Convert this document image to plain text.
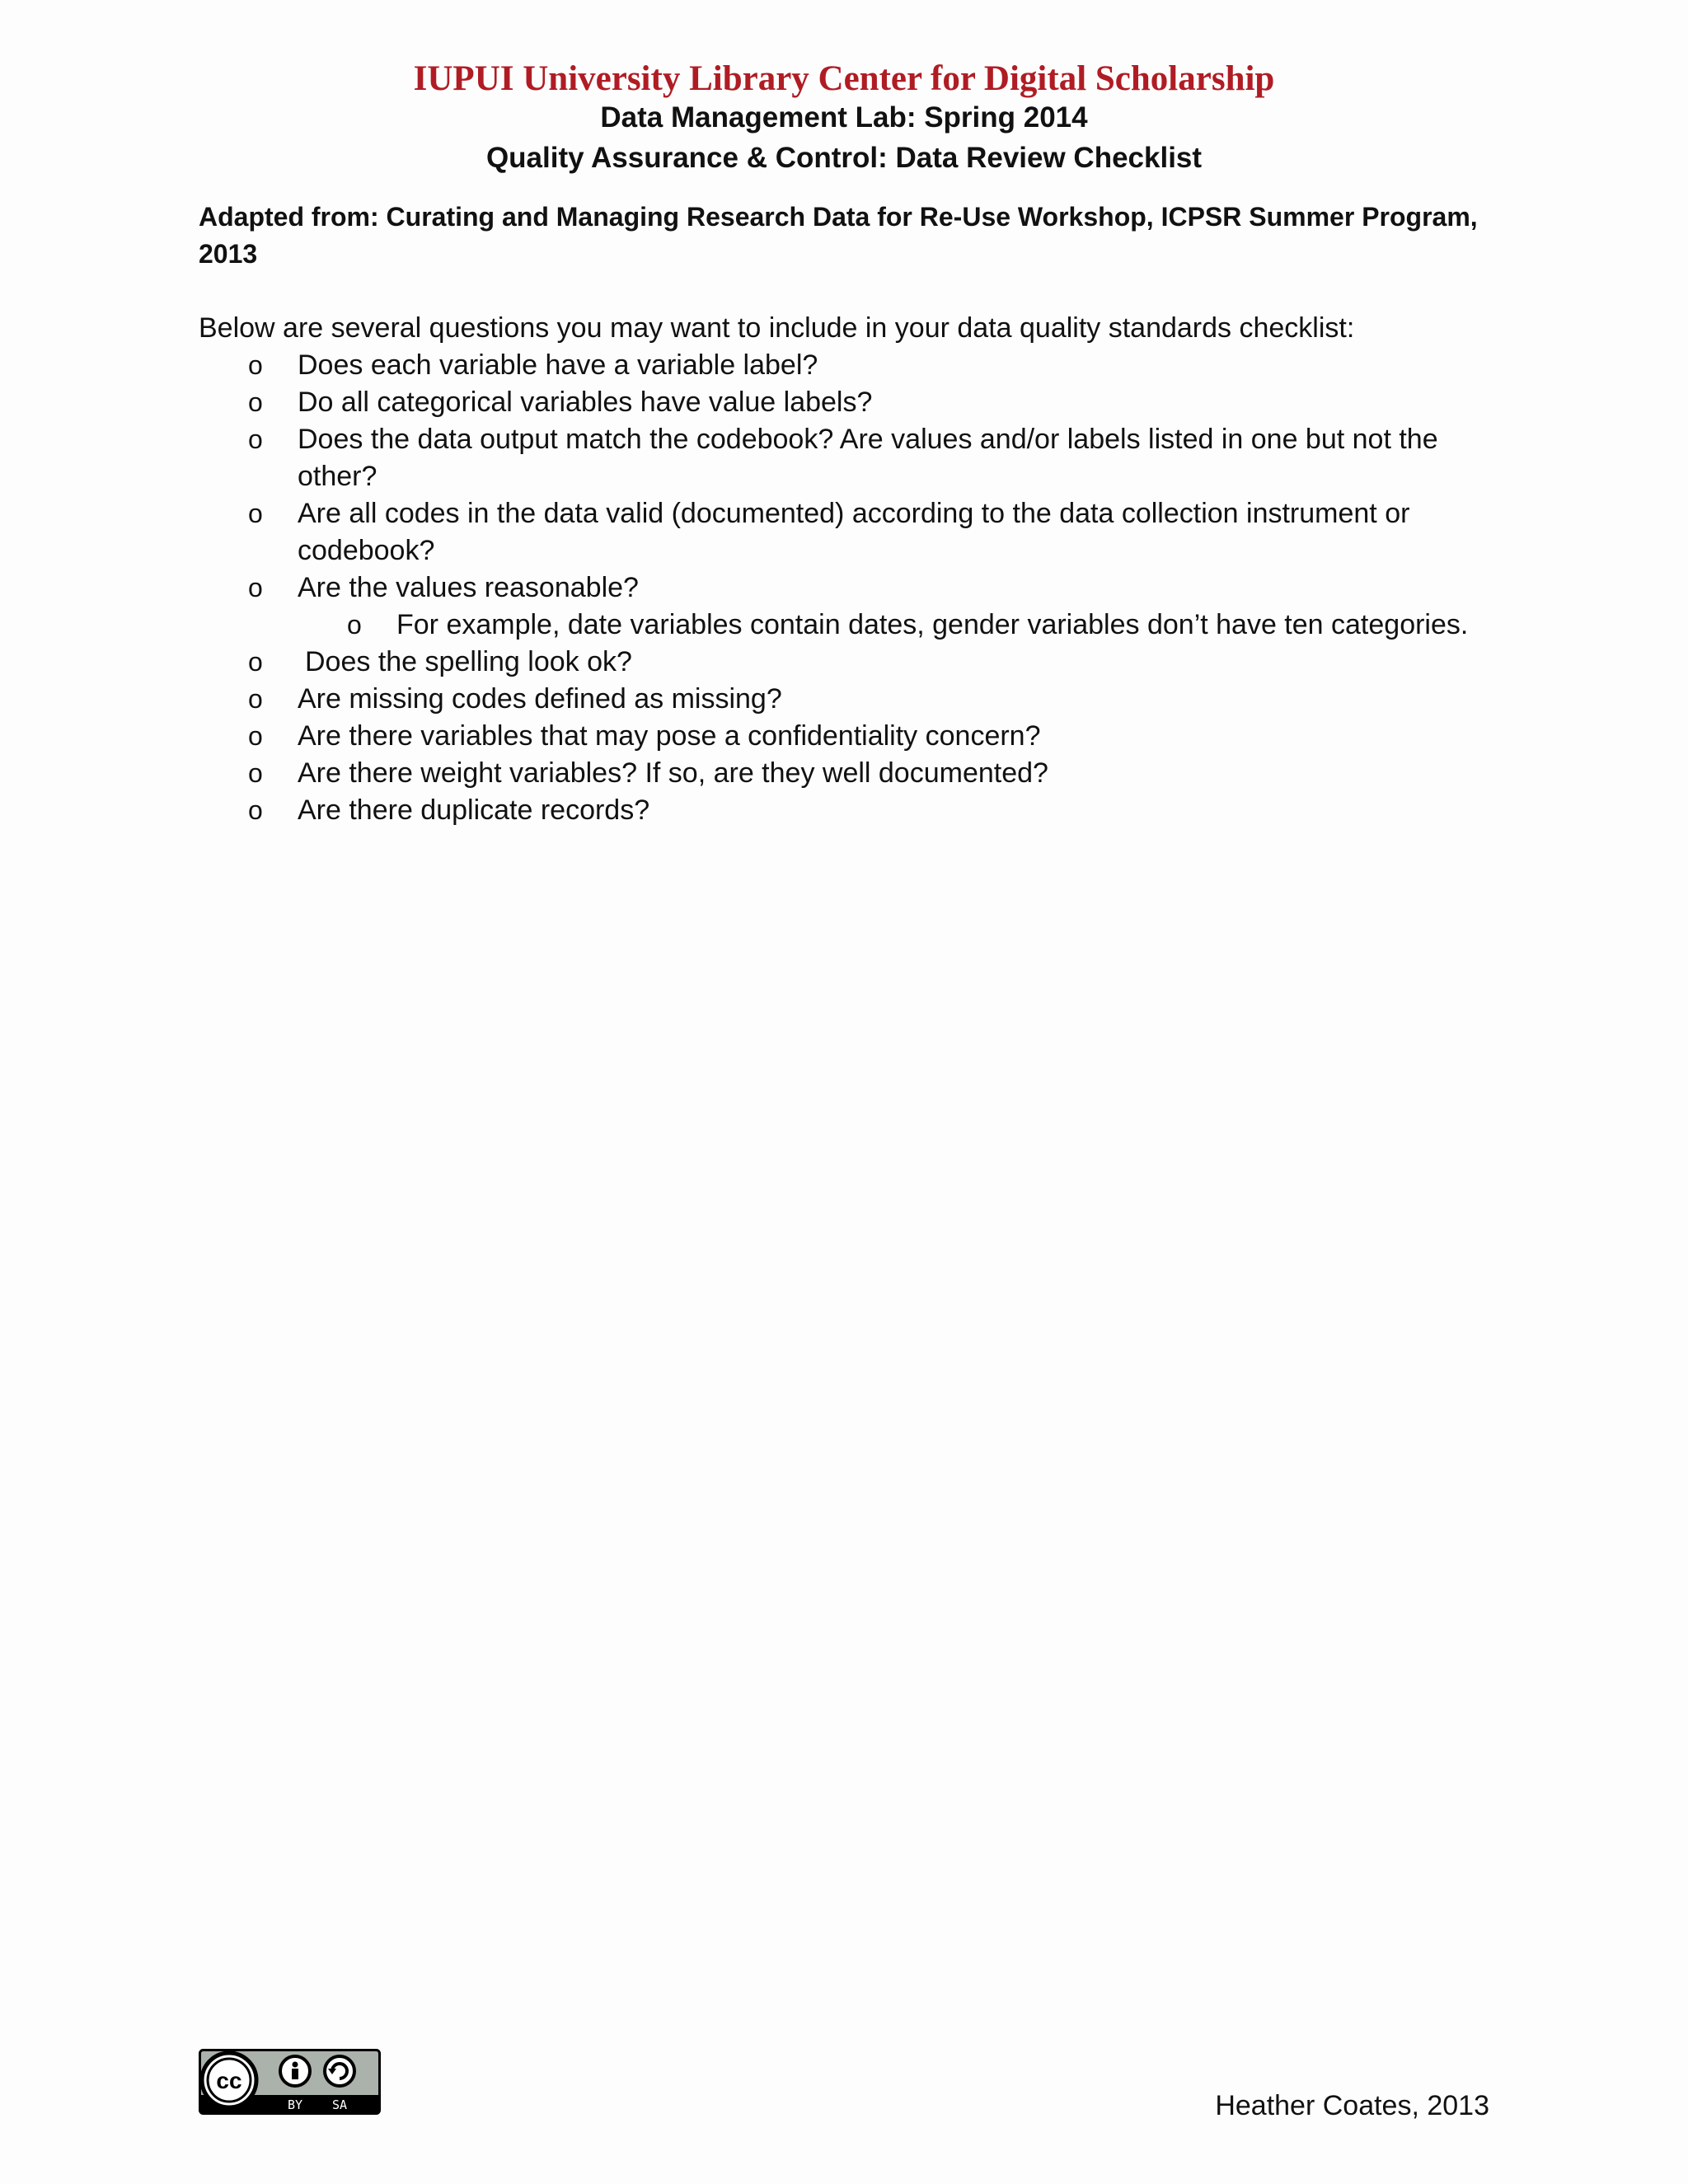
IUPUI University Library Center for Digital Scholarship
Data Management Lab: Spring 2014
Quality Assurance & Control: Data Review Checklist
Adapted from: Curating and Managing Research Data for Re-Use Workshop, ICPSR Summer Program, 2013
Below are several questions you may want to include in your data quality standards checklist:
o Does each variable have a variable label?
o Do all categorical variables have value labels?
o Does the data output match the codebook? Are values and/or labels listed in one but not the other?
o Are all codes in the data valid (documented) according to the data collection instrument or codebook?
o Are the values reasonable?
o For example, date variables contain dates, gender variables don’t have ten categories.
o Does the spelling look ok?
o Are missing codes defined as missing?
o Are there variables that may pose a confidentiality concern?
o Are there weight variables? If so, are they well documented?
o Are there duplicate records?
cc
BY SA	Heather Coates, 2013
